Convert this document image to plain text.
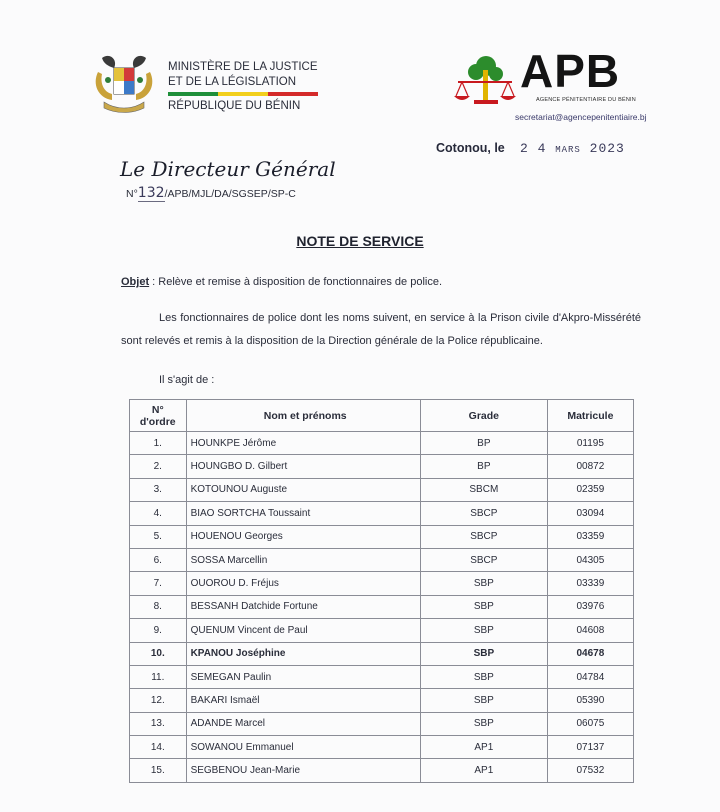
MINISTÈRE DE LA JUSTICE
ET DE LA LÉGISLATION
RÉPUBLIQUE DU BÉNIN
APB
AGENCE PÉNITENTIAIRE DU BÉNIN
secretariat@agencepenitentiaire.bj
Cotonou, le 2 4 MARS 2023
Le Directeur Général
N°132/APB/MJL/DA/SGSEP/SP-C
NOTE DE SERVICE
Objet : Relève et remise à disposition de fonctionnaires de police.
Les fonctionnaires de police dont les noms suivent, en service à la Prison civile d'Akpro-Missérété sont relevés et remis à la disposition de la Direction générale de la Police républicaine.
Il s'agit de :
N°
d'ordre	Nom et prénoms	Grade	Matricule
1.	HOUNKPE Jérôme	BP	01195
2.	HOUNGBO D. Gilbert	BP	00872
3.	KOTOUNOU Auguste	SBCM	02359
4.	BIAO SORTCHA Toussaint	SBCP	03094
5.	HOUENOU Georges	SBCP	03359
6.	SOSSA Marcellin	SBCP	04305
7.	OUOROU D. Fréjus	SBP	03339
8.	BESSANH Datchide Fortune	SBP	03976
9.	QUENUM Vincent de Paul	SBP	04608
10.	KPANOU Joséphine	SBP	04678
11.	SEMEGAN Paulin	SBP	04784
12.	BAKARI Ismaël	SBP	05390
13.	ADANDE Marcel	SBP	06075
14.	SOWANOU Emmanuel	AP1	07137
15.	SEGBENOU Jean-Marie	AP1	07532
